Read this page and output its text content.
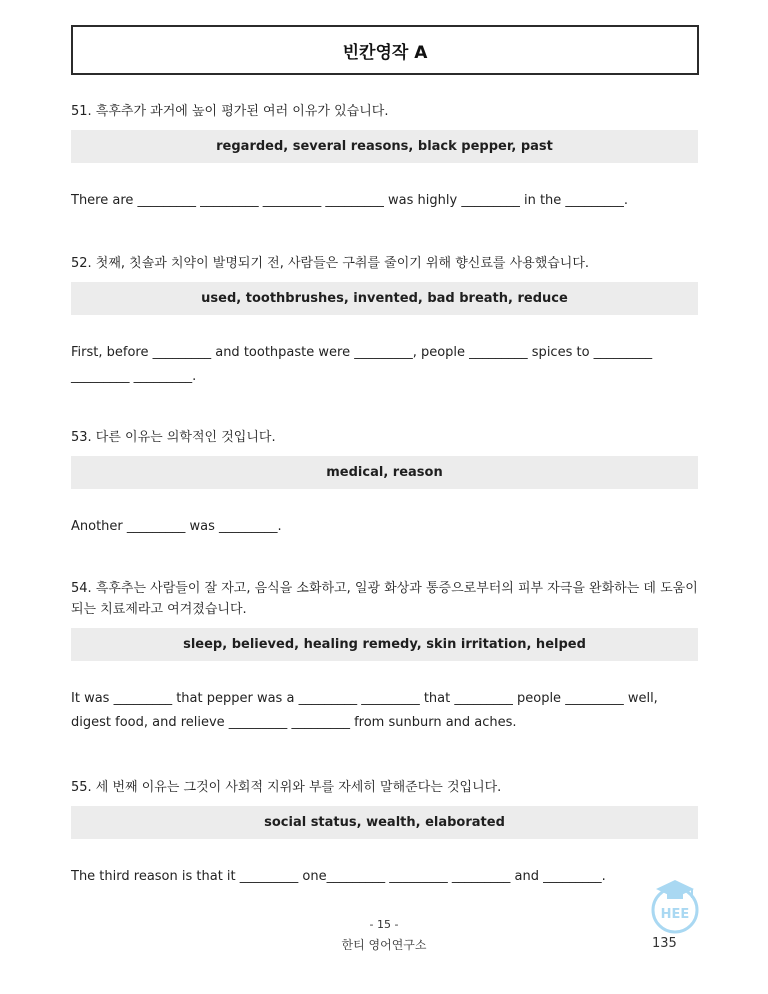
빈칸영작 A

51. 흑후추가 과거에 높이 평가된 여러 이유가 있습니다.

regarded, several reasons, black pepper, past
There are _________ _________ _________ _________ was highly _________ in the _________.

52. 첫째, 칫솔과 치약이 발명되기 전, 사람들은 구취를 줄이기 위해 향신료를 사용했습니다.

used, toothbrushes, invented, bad breath, reduce
First, before _________ and toothpaste were _________, people _________ spices to _________ _________ _________.

53. 다른 이유는 의학적인 것입니다.

medical, reason
Another _________ was _________.

54. 흑후추는 사람들이 잘 자고, 음식을 소화하고, 일광 화상과 통증으로부터의 피부 자극을 완화하는 데 도움이 되는 치료제라고 여겨졌습니다.

sleep, believed, healing remedy, skin irritation, helped
It was _________ that pepper was a _________ _________ that _________ people _________ well, digest food, and relieve _________ _________ from sunburn and aches.

55. 세 번째 이유는 그것이 사회적 지위와 부를 자세히 말해준다는 것입니다.

social status, wealth, elaborated
The third reason is that it _________ one_________ _________ _________ and _________.
- 15 -
한티 영어연구소	135
HEE
